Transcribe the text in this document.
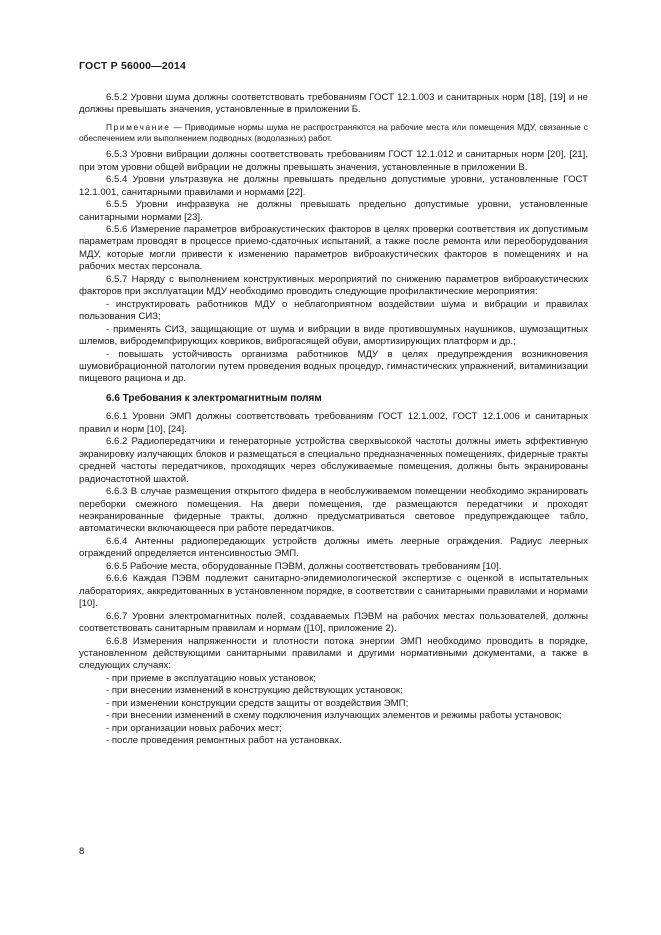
ГОСТ Р 56000—2014

6.5.2 Уровни шума должны соответствовать требованиям ГОСТ 12.1.003 и санитарных норм [18], [19] и не должны превышать значения, установленные в приложении Б.

Примечание — Приводимые нормы шума не распространяются на рабочие места или помещения МДУ, связанные с обеспечением или выполнением подводных (водолазных) работ.

6.5.3 Уровни вибрации должны соответствовать требованиям ГОСТ 12.1.012 и санитарных норм [20], [21], при этом уровни общей вибрации не должны превышать значения, установленные в приложении В.

6.5.4 Уровни ультразвука не должны превышать предельно допустимые уровни, установленные ГОСТ 12.1.001, санитарными правилами и нормами [22].

6.5.5 Уровни инфразвука не должны превышать предельно допустимые уровни, установленные санитарными нормами [23].

6.5.6 Измерение параметров виброакустических факторов в целях проверки соответствия их допустимым параметрам проводят в процессе приемо-сдаточных испытаний, а также после ремонта или переоборудования МДУ, которые могли привести к изменению параметров виброакустических факторов в помещениях и на рабочих местах персонала.

6.5.7 Наряду с выполнением конструктивных мероприятий по снижению параметров виброакустических факторов при эксплуатации МДУ необходимо проводить следующие профилактические мероприятия:

- инструктировать работников МДУ о неблагоприятном воздействии шума и вибрации и правилах пользования СИЗ;

- применять СИЗ, защищающие от шума и вибрации в виде противошумных наушников, шумозащитных шлемов, вибродемпфирующих ковриков, виброгасящей обуви, амортизирующих платформ и др.;

- повышать устойчивость организма работников МДУ в целях предупреждения возникновения шумовибрационной патологии путем проведения водных процедур, гимнастических упражнений, витаминизации пищевого рациона и др.

6.6 Требования к электромагнитным полям

6.6.1 Уровни ЭМП должны соответствовать требованиям ГОСТ 12.1.002, ГОСТ 12.1.006 и санитарных правил и норм [10], [24].

6.6.2 Радиопередатчики и генераторные устройства сверхвысокой частоты должны иметь эффективную экранировку излучающих блоков и размещаться в специально предназначенных помещениях, фидерные тракты средней частоты передатчиков, проходящих через обслуживаемые помещения, должны быть экранированы радиочастотной шахтой.

6.6.3 В случае размещения открытого фидера в необслуживаемом помещении необходимо экранировать переборки смежного помещения. На двери помещения, где размещаются передатчики и проходят неэкранированные фидерные тракты, должно предусматриваться световое предупреждающее табло, автоматически включающееся при работе передатчиков.

6.6.4 Антенны радиопередающих устройств должны иметь леерные ограждения. Радиус леерных ограждений определяется интенсивностью ЭМП.

6.6.5 Рабочие места, оборудованные ПЭВМ, должны соответствовать требованиям [10].

6.6.6 Каждая ПЭВМ подлежит санитарно-эпидемиологической экспертизе с оценкой в испытательных лабораториях, аккредитованных в установленном порядке, в соответствии с санитарными правилами и нормами [10].

6.6.7 Уровни электромагнитных полей, создаваемых ПЭВМ на рабочих местах пользователей, должны соответствовать санитарным правилам и нормам ([10], приложение 2).

6.6.8 Измерения напряженности и плотности потока энергии ЭМП необходимо проводить в порядке, установленном действующими санитарными правилами и другими нормативными документами, а также в следующих случаях:

- при приеме в эксплуатацию новых установок;

- при внесении изменений в конструкцию действующих установок;

- при изменении конструкции средств защиты от воздействия ЭМП;

- при внесении изменений в схему подключения излучающих элементов и режимы работы установок;

- при организации новых рабочих мест;

- после проведения ремонтных работ на установках.

8
